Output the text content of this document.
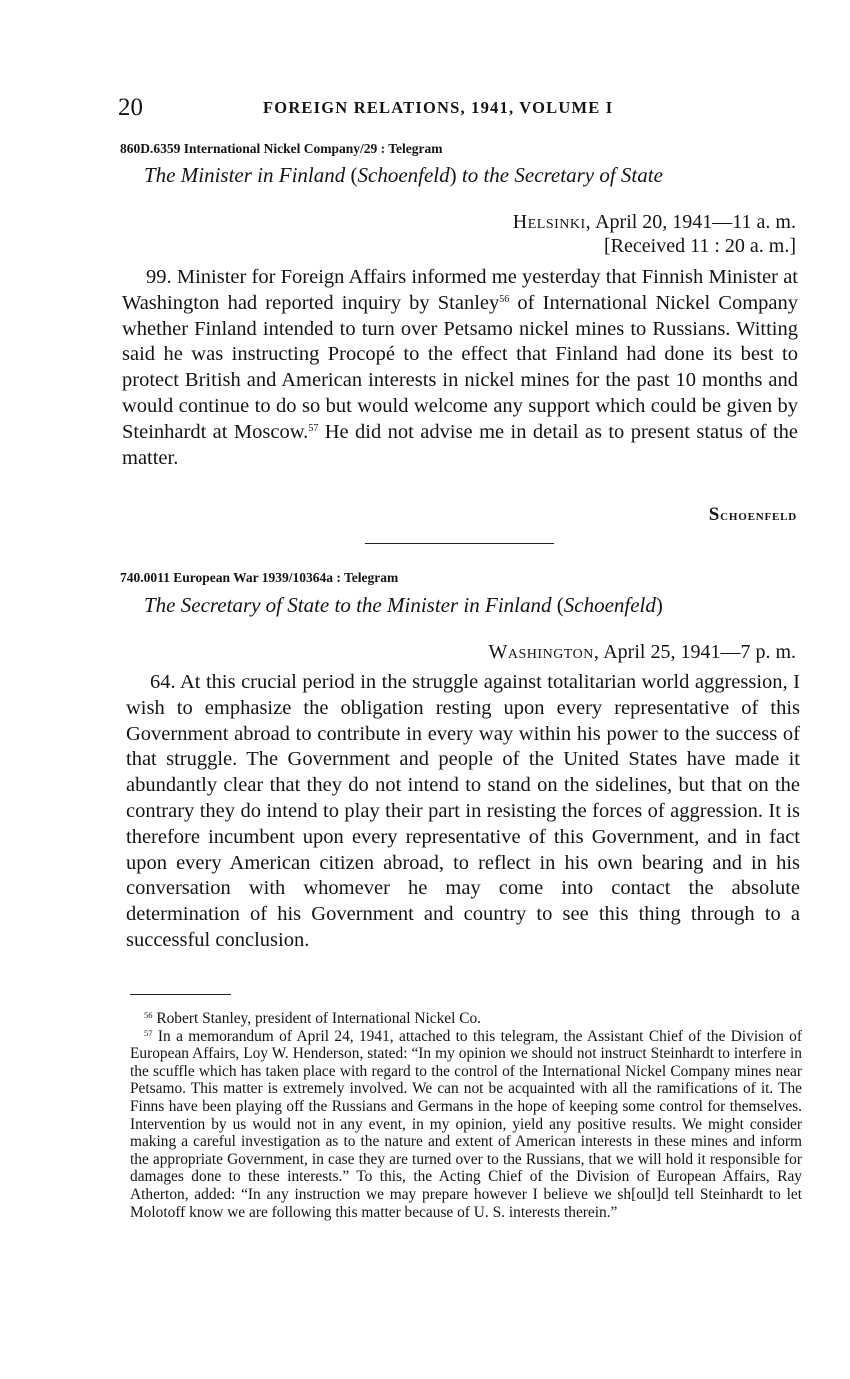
20	FOREIGN RELATIONS, 1941, VOLUME I
860D.6359 International Nickel Company/29 : Telegram
The Minister in Finland (Schoenfeld) to the Secretary of State
Helsinki, April 20, 1941—11 a. m.
[Received 11 : 20 a. m.]

99. Minister for Foreign Affairs informed me yesterday that Finnish Minister at Washington had reported inquiry by Stanley$^{56}$ of International Nickel Company whether Finland intended to turn over Petsamo nickel mines to Russians. Witting said he was instructing Procopé to the effect that Finland had done its best to protect British and American interests in nickel mines for the past 10 months and would continue to do so but would welcome any support which could be given by Steinhardt at Moscow.$^{57}$ He did not advise me in detail as to present status of the matter.

Schoenfeld
740.0011 European War 1939/10364a : Telegram
The Secretary of State to the Minister in Finland (Schoenfeld)
Washington, April 25, 1941—7 p. m.

64. At this crucial period in the struggle against totalitarian world aggression, I wish to emphasize the obligation resting upon every representative of this Government abroad to contribute in every way within his power to the success of that struggle. The Government and people of the United States have made it abundantly clear that they do not intend to stand on the sidelines, but that on the contrary they do intend to play their part in resisting the forces of aggression. It is therefore incumbent upon every representative of this Government, and in fact upon every American citizen abroad, to reflect in his own bearing and in his conversation with whomever he may come into contact the absolute determination of his Government and country to see this thing through to a successful conclusion.

$^{56}$ Robert Stanley, president of International Nickel Co.

$^{57}$ In a memorandum of April 24, 1941, attached to this telegram, the Assistant Chief of the Division of European Affairs, Loy W. Henderson, stated: “In my opinion we should not instruct Steinhardt to interfere in the scuffle which has taken place with regard to the control of the International Nickel Company mines near Petsamo. This matter is extremely involved. We can not be acquainted with all the ramifications of it. The Finns have been playing off the Russians and Germans in the hope of keeping some control for themselves. Intervention by us would not in any event, in my opinion, yield any positive results. We might consider making a careful investigation as to the nature and extent of American interests in these mines and inform the appropriate Government, in case they are turned over to the Russians, that we will hold it responsible for damages done to these interests.” To this, the Acting Chief of the Division of European Affairs, Ray Atherton, added: “In any instruction we may prepare however I believe we sh[oul]d tell Steinhardt to let Molotoff know we are following this matter because of U. S. interests therein.”
